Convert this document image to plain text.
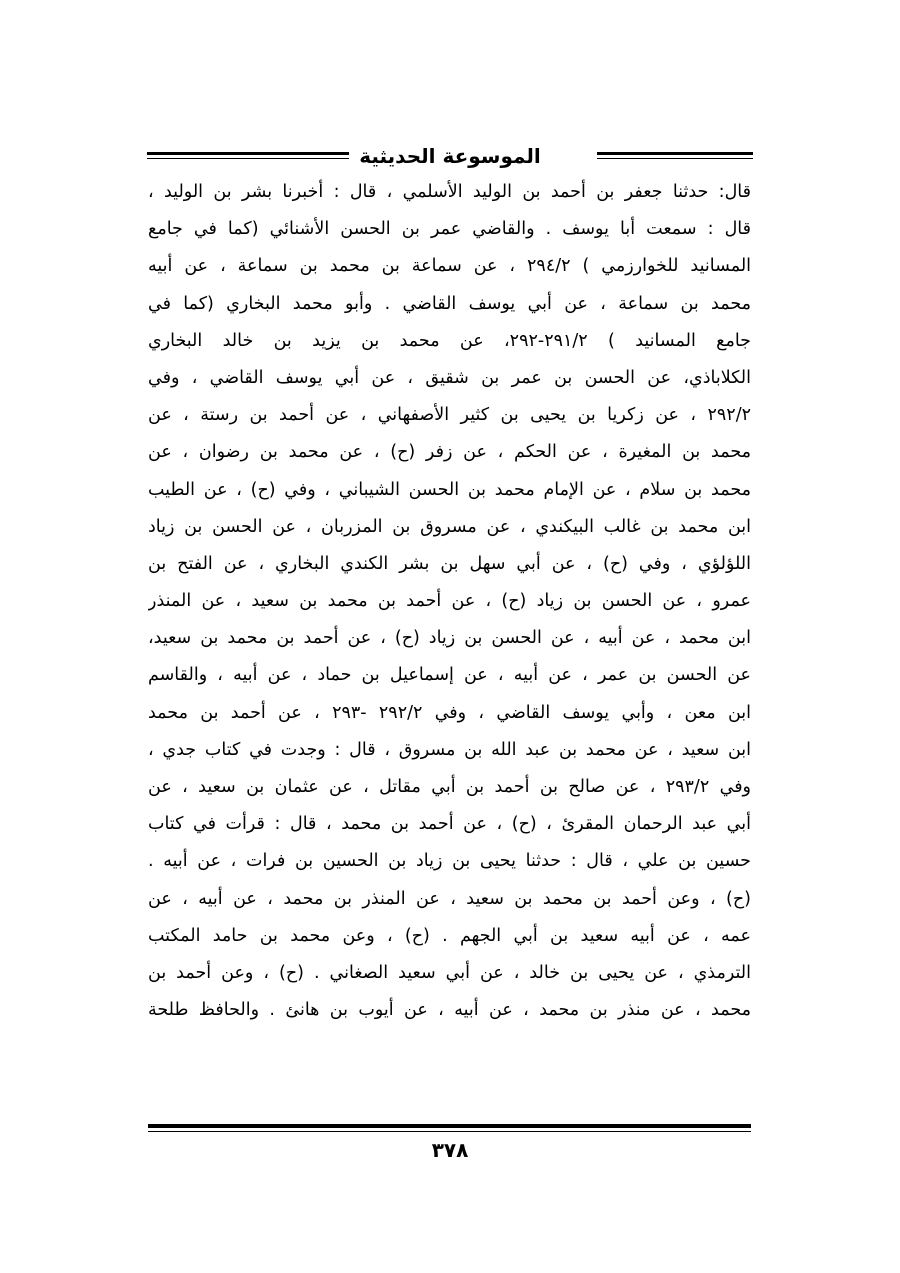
الموسوعة الحديثية
قال: حدثنا جعفر بن أحمد بن الوليد الأسلمي ، قال : أخبرنا بشر بن الوليد ،
قال : سمعت أبا يوسف . والقاضي عمر بن الحسن الأشنائي (كما في جامع
المسانيد للخوارزمي ) ٢٩٤/٢ ، عن سماعة بن محمد بن سماعة ، عن أبيه
محمد بن سماعة ، عن أبي يوسف القاضي . وأبو محمد البخاري (كما في
جامع المسانيد ) ٢٩١/٢-٢٩٢، عن محمد بن يزيد بن خالد البخاري
الكلاباذي، عن الحسن بن عمر بن شقيق ، عن أبي يوسف القاضي ، وفي
٢٩٢/٢ ، عن زكريا بن يحيى بن كثير الأصفهاني ، عن أحمد بن رستة ، عن
محمد بن المغيرة ، عن الحكم ، عن زفر (ح) ، عن محمد بن رضوان ، عن
محمد بن سلام ، عن الإمام محمد بن الحسن الشيباني ، وفي (ح) ، عن الطيب
ابن محمد بن غالب البيكندي ، عن مسروق بن المزربان ، عن الحسن بن زياد
اللؤلؤي ، وفي (ح) ، عن أبي سهل بن بشر الكندي البخاري ، عن الفتح بن
عمرو ، عن الحسن بن زياد (ح) ، عن أحمد بن محمد بن سعيد ، عن المنذر
ابن محمد ، عن أبيه ، عن الحسن بن زياد (ح) ، عن أحمد بن محمد بن سعيد،
عن الحسن بن عمر ، عن أبيه ، عن إسماعيل بن حماد ، عن أبيه ، والقاسم
ابن معن ، وأبي يوسف القاضي ، وفي ٢٩٢/٢ -٢٩٣ ، عن أحمد بن محمد
ابن سعيد ، عن محمد بن عبد الله بن مسروق ، قال : وجدت في كتاب جدي ،
وفي ٢٩٣/٢ ، عن صالح بن أحمد بن أبي مقاتل ، عن عثمان بن سعيد ، عن
أبي عبد الرحمان المقرئ ، (ح) ، عن أحمد بن محمد ، قال : قرأت في كتاب
حسين بن علي ، قال : حدثنا يحيى بن زياد بن الحسين بن فرات ، عن أبيه .
(ح) ، وعن أحمد بن محمد بن سعيد ، عن المنذر بن محمد ، عن أبيه ، عن
عمه ، عن أبيه سعيد بن أبي الجهم . (ح) ، وعن محمد بن حامد المكتب
الترمذي ، عن يحيى بن خالد ، عن أبي سعيد الصغاني . (ح) ، وعن أحمد بن
محمد ، عن منذر بن محمد ، عن أبيه ، عن أيوب بن هانئ . والحافظ طلحة
٣٧٨
